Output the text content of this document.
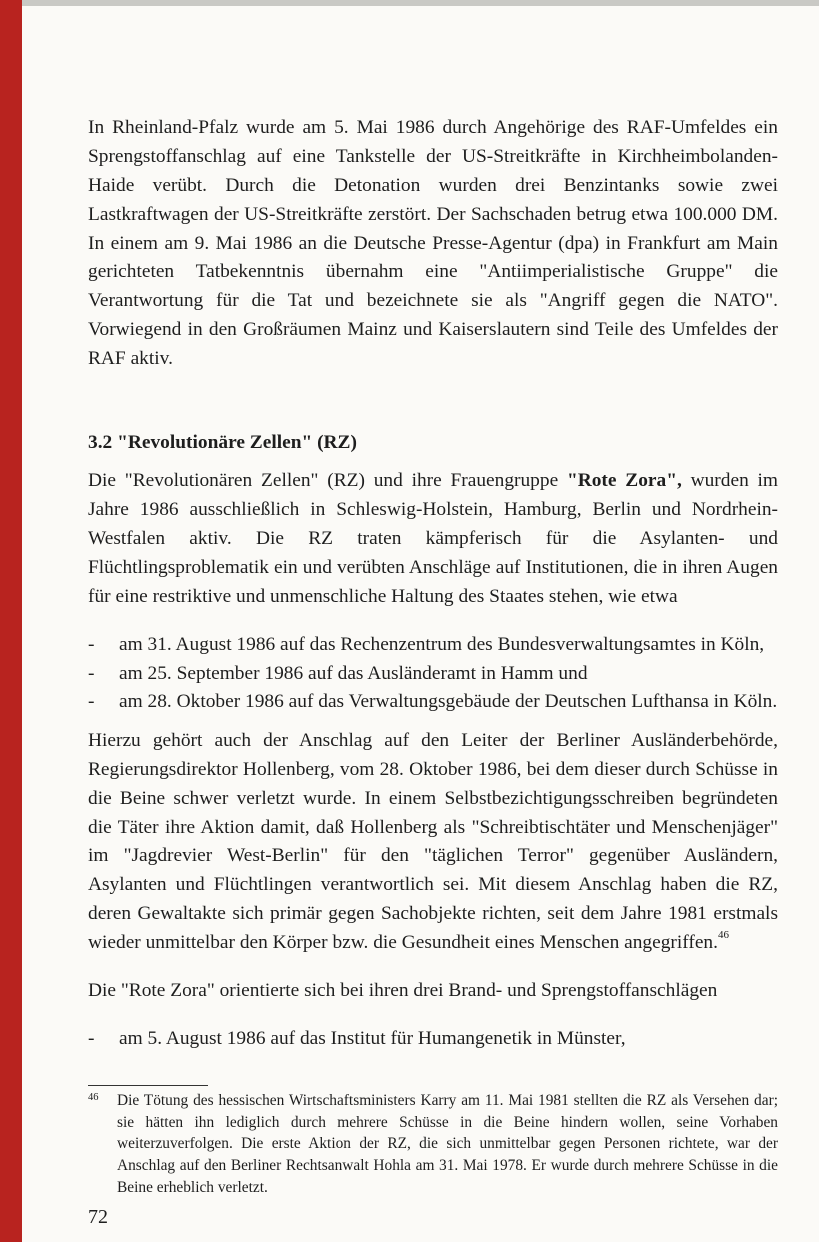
In Rheinland-Pfalz wurde am 5. Mai 1986 durch Angehörige des RAF-Umfeldes ein Sprengstoffanschlag auf eine Tankstelle der US-Streitkräfte in Kirchheimbolanden-Haide verübt. Durch die Detonation wurden drei Benzintanks sowie zwei Lastkraftwagen der US-Streitkräfte zerstört. Der Sachschaden betrug etwa 100.000 DM. In einem am 9. Mai 1986 an die Deutsche Presse-Agentur (dpa) in Frankfurt am Main gerichteten Tatbekenntnis übernahm eine "Antiimperialistische Gruppe" die Verantwortung für die Tat und bezeichnete sie als "Angriff gegen die NATO". Vorwiegend in den Großräumen Mainz und Kaiserslautern sind Teile des Umfeldes der RAF aktiv.

3.2 "Revolutionäre Zellen" (RZ)

Die "Revolutionären Zellen" (RZ) und ihre Frauengruppe "Rote Zora", wurden im Jahre 1986 ausschließlich in Schleswig-Holstein, Hamburg, Berlin und Nordrhein-Westfalen aktiv. Die RZ traten kämpferisch für die Asylanten- und Flüchtlingsproblematik ein und verübten Anschläge auf Institutionen, die in ihren Augen für eine restriktive und unmenschliche Haltung des Staates stehen, wie etwa

- am 31. August 1986 auf das Rechenzentrum des Bundesverwaltungsamtes in Köln,
- am 25. September 1986 auf das Ausländeramt in Hamm und
- am 28. Oktober 1986 auf das Verwaltungsgebäude der Deutschen Lufthansa in Köln.

Hierzu gehört auch der Anschlag auf den Leiter der Berliner Ausländerbehörde, Regierungsdirektor Hollenberg, vom 28. Oktober 1986, bei dem dieser durch Schüsse in die Beine schwer verletzt wurde. In einem Selbstbezichtigungsschreiben begründeten die Täter ihre Aktion damit, daß Hollenberg als "Schreibtischtäter und Menschenjäger" im "Jagdrevier West-Berlin" für den "täglichen Terror" gegenüber Ausländern, Asylanten und Flüchtlingen verantwortlich sei. Mit diesem Anschlag haben die RZ, deren Gewaltakte sich primär gegen Sachobjekte richten, seit dem Jahre 1981 erstmals wieder unmittelbar den Körper bzw. die Gesundheit eines Menschen angegriffen.$^{46}$

Die "Rote Zora" orientierte sich bei ihren drei Brand- und Sprengstoffanschlägen

- am 5. August 1986 auf das Institut für Humangenetik in Münster,

46 Die Tötung des hessischen Wirtschaftsministers Karry am 11. Mai 1981 stellten die RZ als Versehen dar; sie hätten ihn lediglich durch mehrere Schüsse in die Beine hindern wollen, seine Vorhaben weiterzuverfolgen. Die erste Aktion der RZ, die sich unmittelbar gegen Personen richtete, war der Anschlag auf den Berliner Rechtsanwalt Hohla am 31. Mai 1978. Er wurde durch mehrere Schüsse in die Beine erheblich verletzt.

72
